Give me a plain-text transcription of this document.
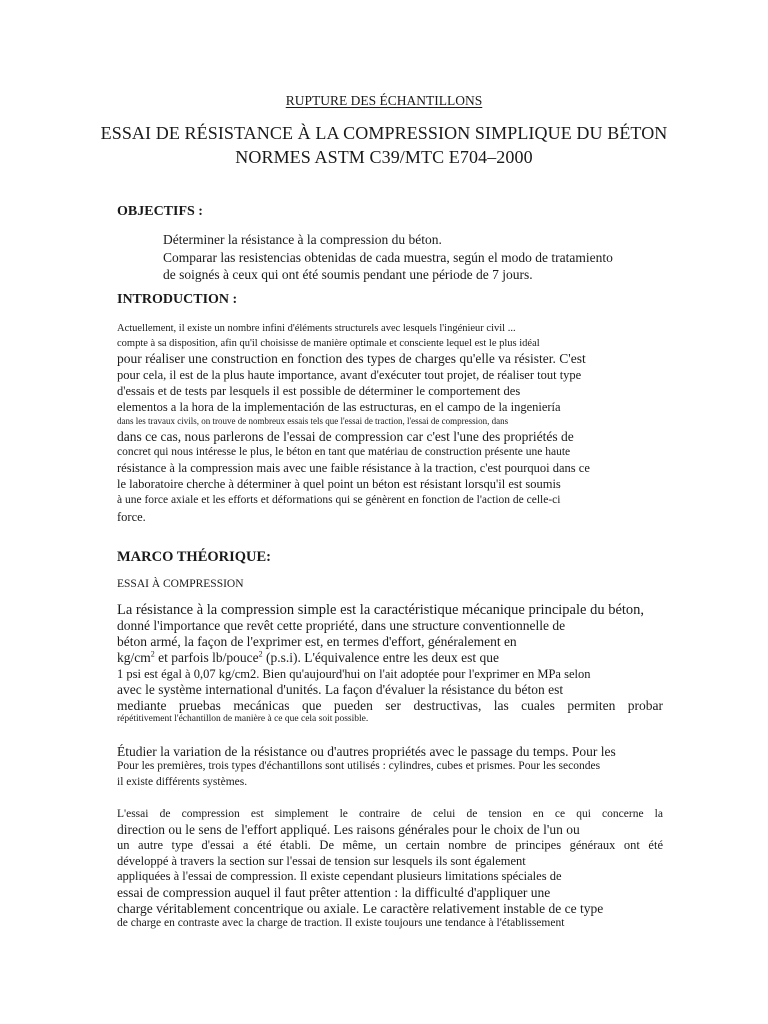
RUPTURE DES ÉCHANTILLONS
ESSAI DE RÉSISTANCE À LA COMPRESSION SIMPLIQUE DU BÉTON
NORMES ASTM C39/MTC E704–2000
OBJECTIFS :
Déterminer la résistance à la compression du béton.
Comparar las resistencias obtenidas de cada muestra, según el modo de tratamiento
de soignés à ceux qui ont été soumis pendant une période de 7 jours.
INTRODUCTION :
Actuellement, il existe un nombre infini d'éléments structurels avec lesquels l'ingénieur civil ...
compte à sa disposition, afin qu'il choisisse de manière optimale et consciente lequel est le plus idéal
pour réaliser une construction en fonction des types de charges qu'elle va résister. C'est
pour cela, il est de la plus haute importance, avant d'exécuter tout projet, de réaliser tout type
d'essais et de tests par lesquels il est possible de déterminer le comportement des
elementos a la hora de la implementación de las estructuras, en el campo de la ingeniería
dans les travaux civils, on trouve de nombreux essais tels que l'essai de traction, l'essai de compression, dans
dans ce cas, nous parlerons de l'essai de compression car c'est l'une des propriétés de
concret qui nous intéresse le plus, le béton en tant que matériau de construction présente une haute
résistance à la compression mais avec une faible résistance à la traction, c'est pourquoi dans ce
le laboratoire cherche à déterminer à quel point un béton est résistant lorsqu'il est soumis
à une force axiale et les efforts et déformations qui se génèrent en fonction de l'action de celle-ci
force.
MARCO THÉORIQUE:
ESSAI À COMPRESSION
La résistance à la compression simple est la caractéristique mécanique principale du béton,
donné l'importance que revêt cette propriété, dans une structure conventionnelle de
béton armé, la façon de l'exprimer est, en termes d'effort, généralement en
$kg/cm^2$ et parfois lb/pouce$^2$ (p.s.i). L'équivalence entre les deux est que
1 psi est égal à 0,07 kg/cm2. Bien qu'aujourd'hui on l'ait adoptée pour l'exprimer en MPa selon
avec le système international d'unités. La façon d'évaluer la résistance du béton est
mediante pruebas mecánicas que pueden ser destructivas, las cuales permiten probar
répétitivement l'échantillon de manière à ce que cela soit possible.
Étudier la variation de la résistance ou d'autres propriétés avec le passage du temps. Pour les
Pour les premières, trois types d'échantillons sont utilisés : cylindres, cubes et prismes. Pour les secondes
il existe différents systèmes.
L'essai de compression est simplement le contraire de celui de tension en ce qui concerne la
direction ou le sens de l'effort appliqué. Les raisons générales pour le choix de l'un ou
un autre type d'essai a été établi. De même, un certain nombre de principes généraux ont été
développé à travers la section sur l'essai de tension sur lesquels ils sont également
appliquées à l'essai de compression. Il existe cependant plusieurs limitations spéciales de
essai de compression auquel il faut prêter attention : la difficulté d'appliquer une
charge véritablement concentrique ou axiale. Le caractère relativement instable de ce type
de charge en contraste avec la charge de traction. Il existe toujours une tendance à l'établissement
